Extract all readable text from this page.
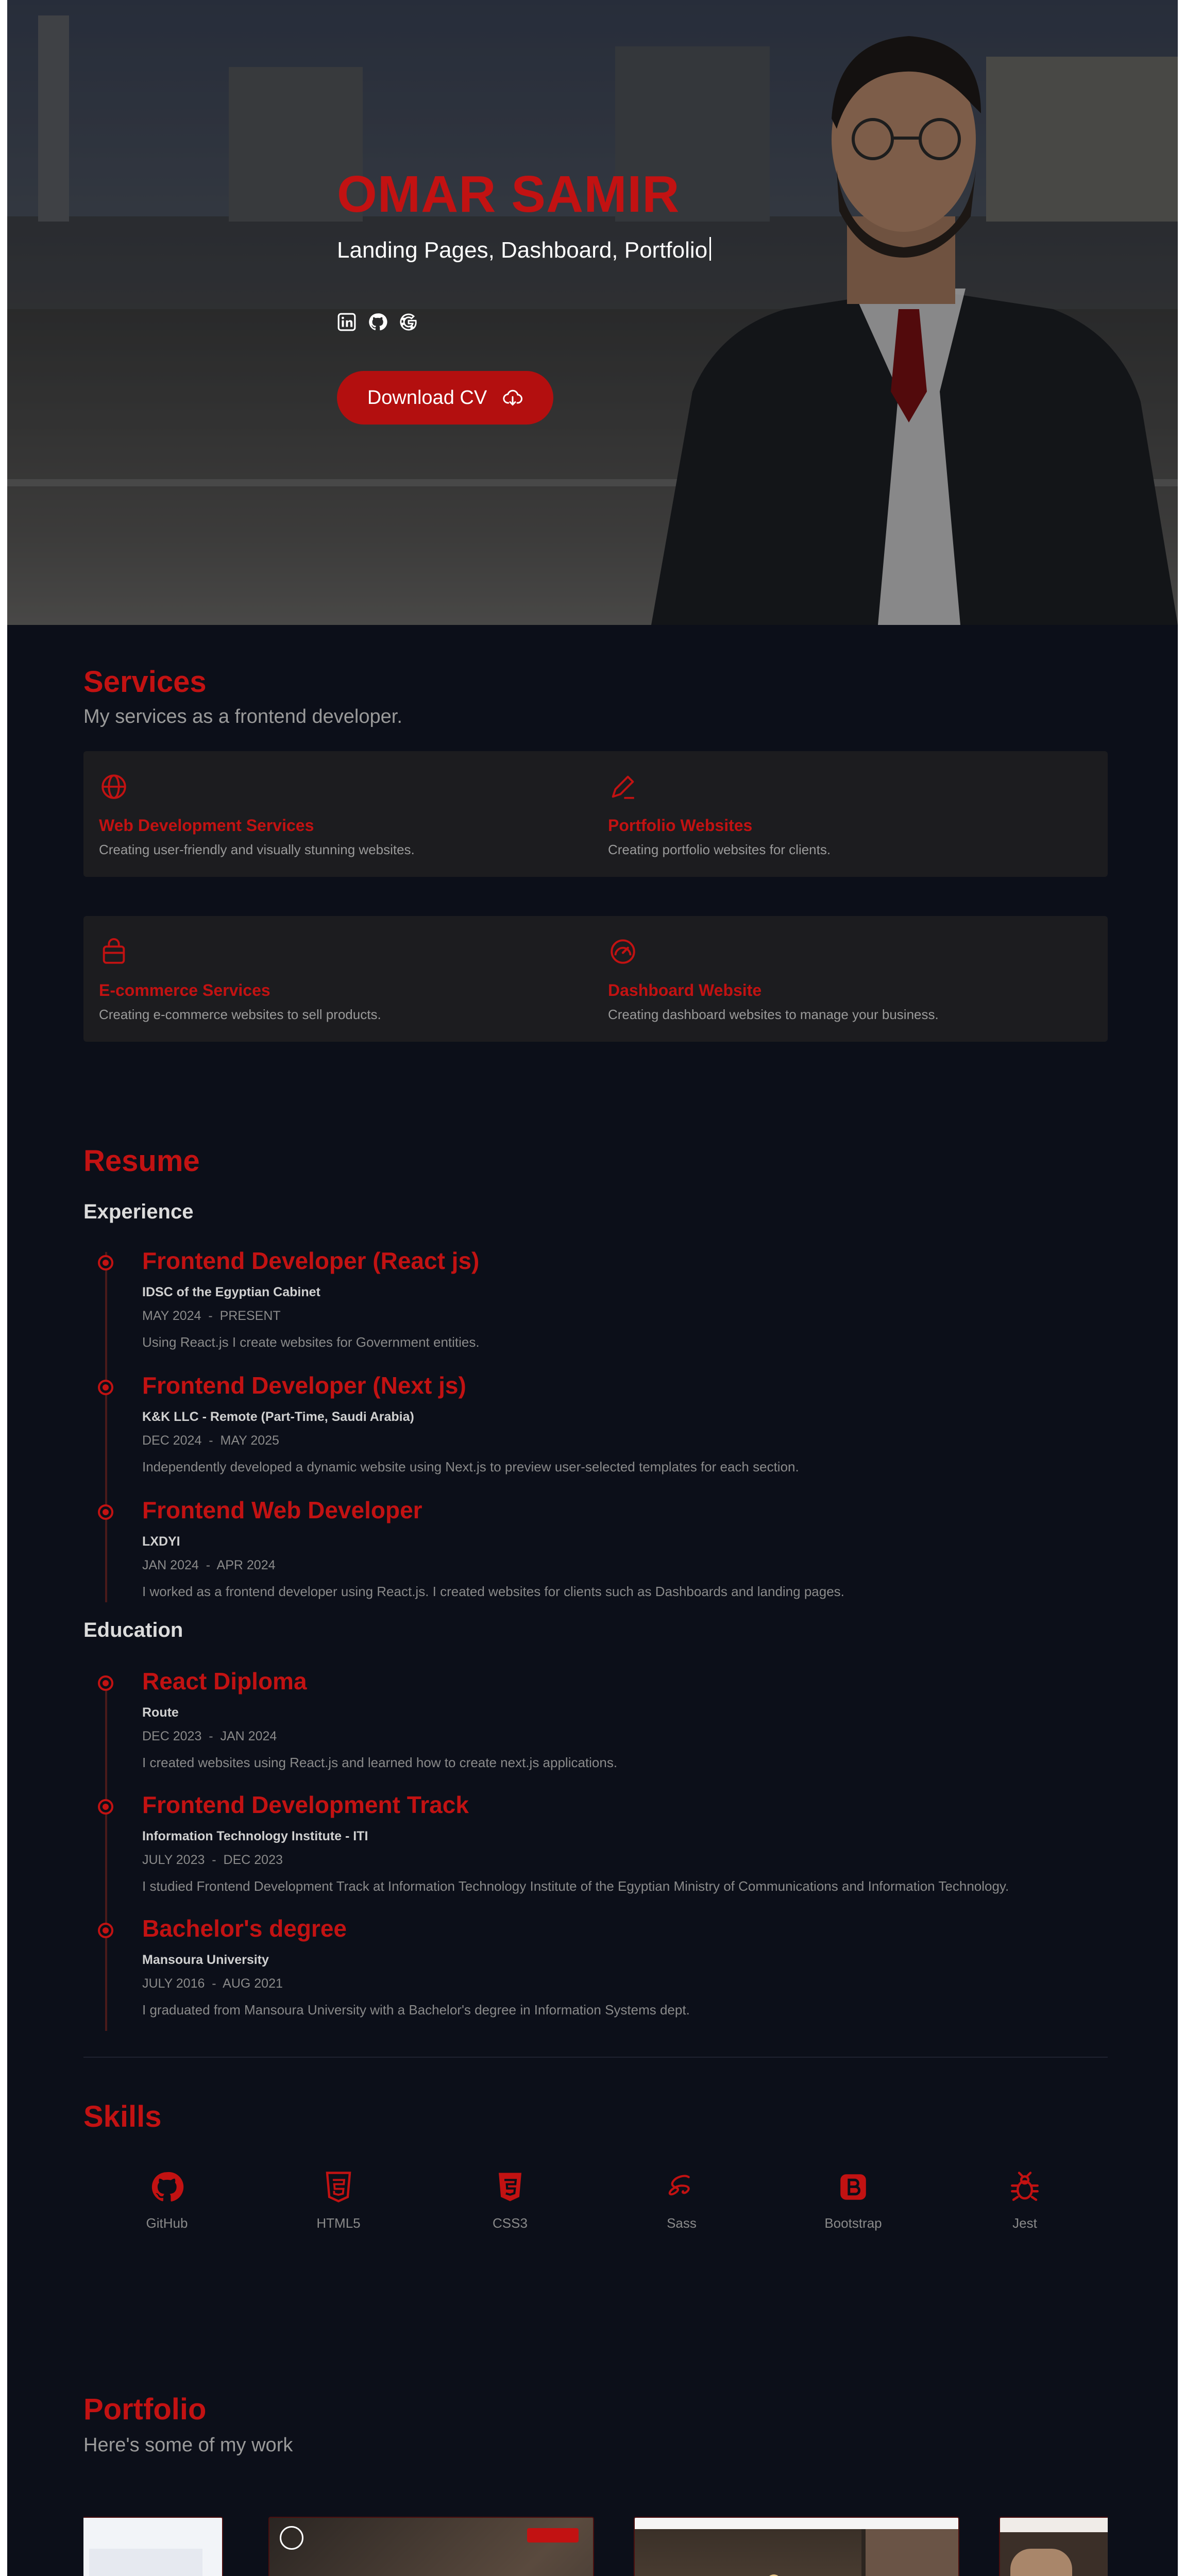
OMAR SAMIR
Landing Pages, Dashboard, Portfolio
Download CV
Services
My services as a frontend developer.
Web Development Services
Creating user-friendly and visually stunning websites.
Portfolio Websites
Creating portfolio websites for clients.
E-commerce Services
Creating e-commerce websites to sell products.
Dashboard Website
Creating dashboard websites to manage your business.
Resume
Experience
Frontend Developer (React js)
IDSC of the Egyptian Cabinet
MAY 2024 - PRESENT
Using React.js I create websites for Government entities.
Frontend Developer (Next js)
K&K LLC - Remote (Part-Time, Saudi Arabia)
DEC 2024 - MAY 2025
Independently developed a dynamic website using Next.js to preview user-selected templates for each section.
Frontend Web Developer
LXDYI
JAN 2024 - APR 2024
I worked as a frontend developer using React.js. I created websites for clients such as Dashboards and landing pages.
Education
React Diploma
Route
DEC 2023 - JAN 2024
I created websites using React.js and learned how to create next.js applications.
Frontend Development Track
Information Technology Institute - ITI
JULY 2023 - DEC 2023
I studied Frontend Development Track at Information Technology Institute of the Egyptian Ministry of Communications and Information Technology.
Bachelor's degree
Mansoura University
JULY 2016 - AUG 2021
I graduated from Mansoura University with a Bachelor's degree in Information Systems dept.
Skills
GitHub	HTML5	CSS3	Sass	Bootstrap	Jest
Portfolio
Here's some of my work
